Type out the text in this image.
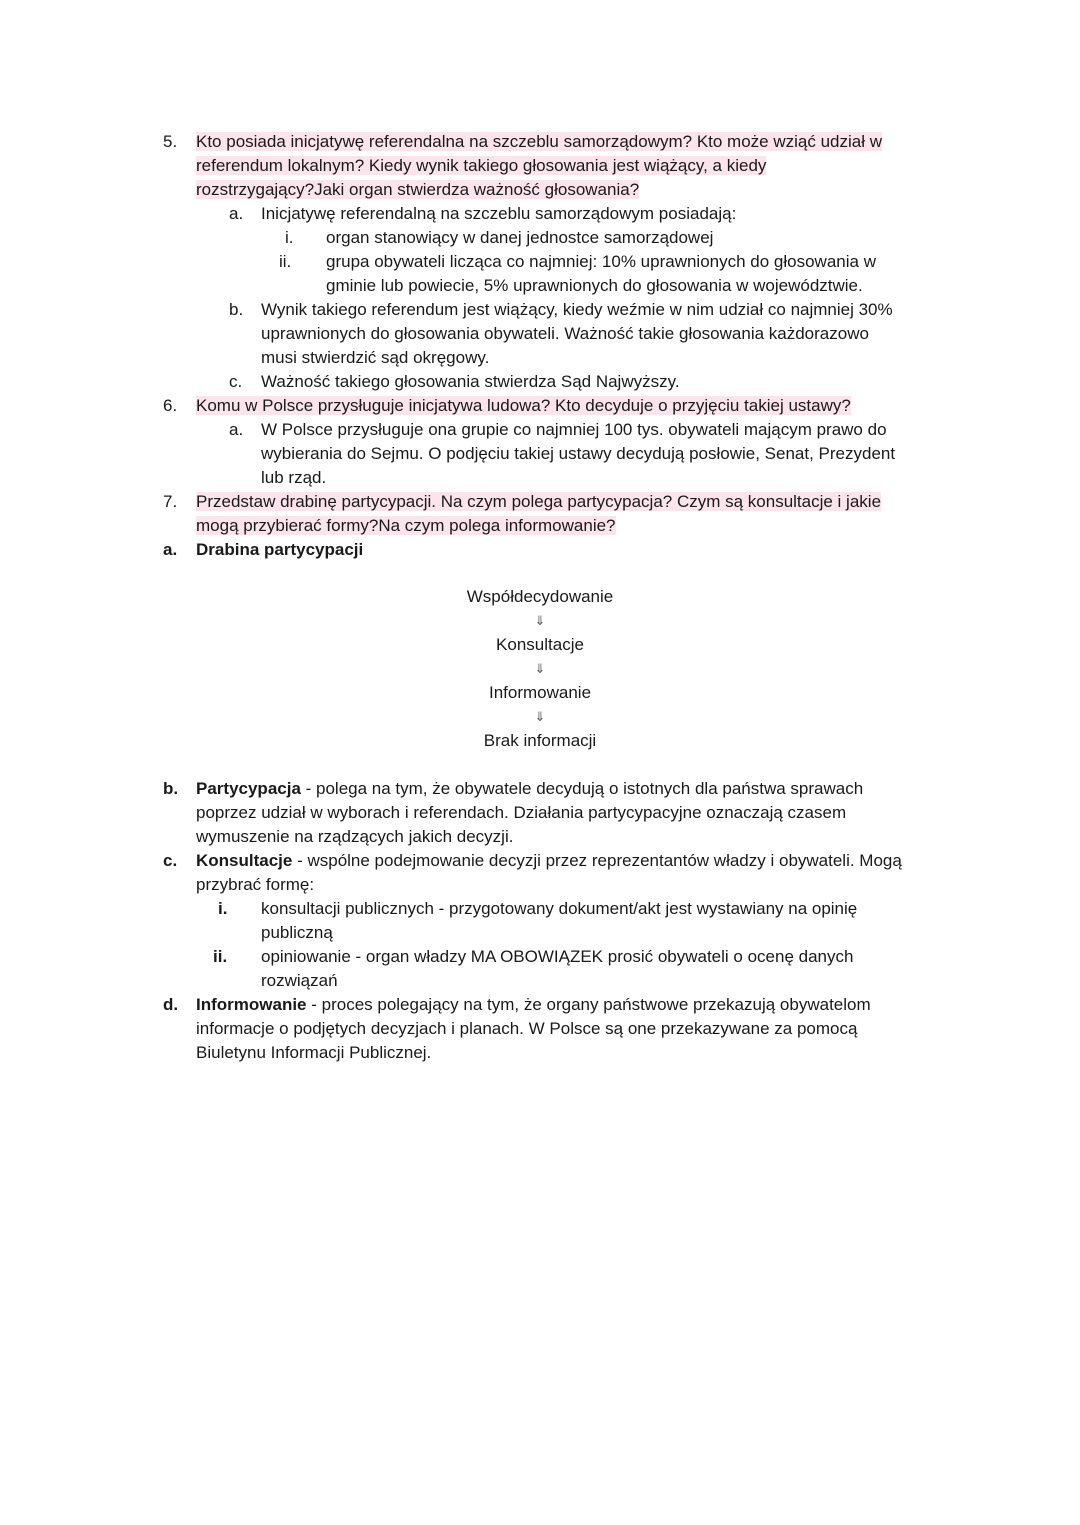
5. Kto posiada inicjatywę referendalna na szczeblu samorządowym? Kto może wziąć udział w
referendum lokalnym? Kiedy wynik takiego głosowania jest wiążący, a kiedy
rozstrzygający?Jaki organ stwierdza ważność głosowania?
a. Inicjatywę referendalną na szczeblu samorządowym posiadają:
i. organ stanowiący w danej jednostce samorządowej
ii. grupa obywateli licząca co najmniej: 10% uprawnionych do głosowania w
gminie lub powiecie, 5% uprawnionych do głosowania w województwie.
b. Wynik takiego referendum jest wiążący, kiedy weźmie w nim udział co najmniej 30%
uprawnionych do głosowania obywateli. Ważność takie głosowania każdorazowo
musi stwierdzić sąd okręgowy.
c. Ważność takiego głosowania stwierdza Sąd Najwyższy.
6. Komu w Polsce przysługuje inicjatywa ludowa? Kto decyduje o przyjęciu takiej ustawy?
a. W Polsce przysługuje ona grupie co najmniej 100 tys. obywateli mającym prawo do
wybierania do Sejmu. O podjęciu takiej ustawy decydują posłowie, Senat, Prezydent
lub rząd.
7. Przedstaw drabinę partycypacji. Na czym polega partycypacja? Czym są konsultacje i jakie
mogą przybierać formy?Na czym polega informowanie?
a. Drabina partycypacji
Współdecydowanie
⇓
Konsultacje
⇓
Informowanie
⇓
Brak informacji
b. Partycypacja - polega na tym, że obywatele decydują o istotnych dla państwa sprawach
poprzez udział w wyborach i referendach. Działania partycypacyjne oznaczają czasem
wymuszenie na rządzących jakich decyzji.
c. Konsultacje - wspólne podejmowanie decyzji przez reprezentantów władzy i obywateli. Mogą
przybrać formę:
i. konsultacji publicznych - przygotowany dokument/akt jest wystawiany na opinię
publiczną
ii. opiniowanie - organ władzy MA OBOWIĄZEK prosić obywateli o ocenę danych
rozwiązań
d. Informowanie - proces polegający na tym, że organy państwowe przekazują obywatelom
informacje o podjętych decyzjach i planach. W Polsce są one przekazywane za pomocą
Biuletynu Informacji Publicznej.
